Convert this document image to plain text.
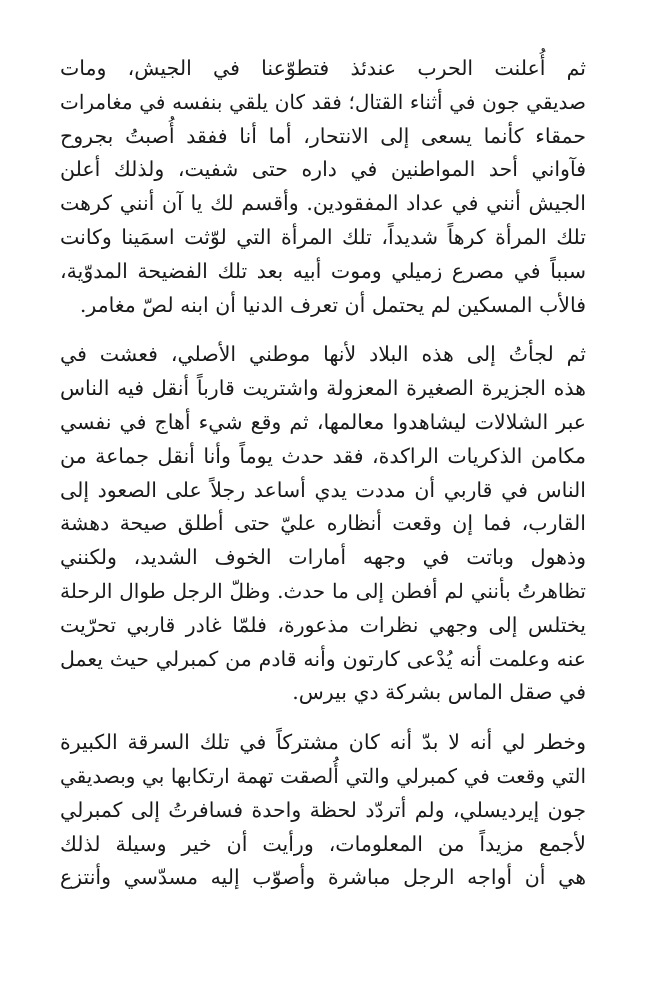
ثم أُعلنت الحرب عندئذ فتطوّعنا في الجيش، ومات
صديقي جون في أثناء القتال؛ فقد كان يلقي بنفسه في مغامرات
حمقاء كأنما يسعى إلى الانتحار، أما أنا ففقد أُصبتُ بجروح
فآواني أحد المواطنين في داره حتى شفيت، ولذلك أعلن
الجيش أنني في عداد المفقودين. وأقسم لك يا آن أنني كرهت
تلك المرأة كرهاً شديداً، تلك المرأة التي لوّثت اسمَينا وكانت
سبباً في مصرع زميلي وموت أبيه بعد تلك الفضيحة المدوّية،
فالأب المسكين لم يحتمل أن تعرف الدنيا أن ابنه لصّ مغامر.
ثم لجأتُ إلى هذه البلاد لأنها موطني الأصلي، فعشت في
هذه الجزيرة الصغيرة المعزولة واشتريت قارباً أنقل فيه الناس
عبر الشلالات ليشاهدوا معالمها، ثم وقع شيء أهاج في نفسي
مكامن الذكريات الراكدة، فقد حدث يوماً وأنا أنقل جماعة من
الناس في قاربي أن مددت يدي أساعد رجلاً على الصعود إلى
القارب، فما إن وقعت أنظاره عليّ حتى أطلق صيحة دهشة
وذهول وباتت في وجهه أمارات الخوف الشديد، ولكنني
تظاهرتُ بأنني لم أفطن إلى ما حدث. وظلّ الرجل طوال الرحلة
يختلس إلى وجهي نظرات مذعورة، فلمّا غادر قاربي تحرّيت
عنه وعلمت أنه يُدْعى كارتون وأنه قادم من كمبرلي حيث يعمل
في صقل الماس بشركة دي بيرس.
وخطر لي أنه لا بدّ أنه كان مشتركاً في تلك السرقة الكبيرة
التي وقعت في كمبرلي والتي أُلصقت تهمة ارتكابها بي وبصديقي
جون إيرديسلي، ولم أتردّد لحظة واحدة فسافرتُ إلى كمبرلي
لأجمع مزيداً من المعلومات، ورأيت أن خير وسيلة لذلك
هي أن أواجه الرجل مباشرة وأصوّب إليه مسدّسي وأنتزع
